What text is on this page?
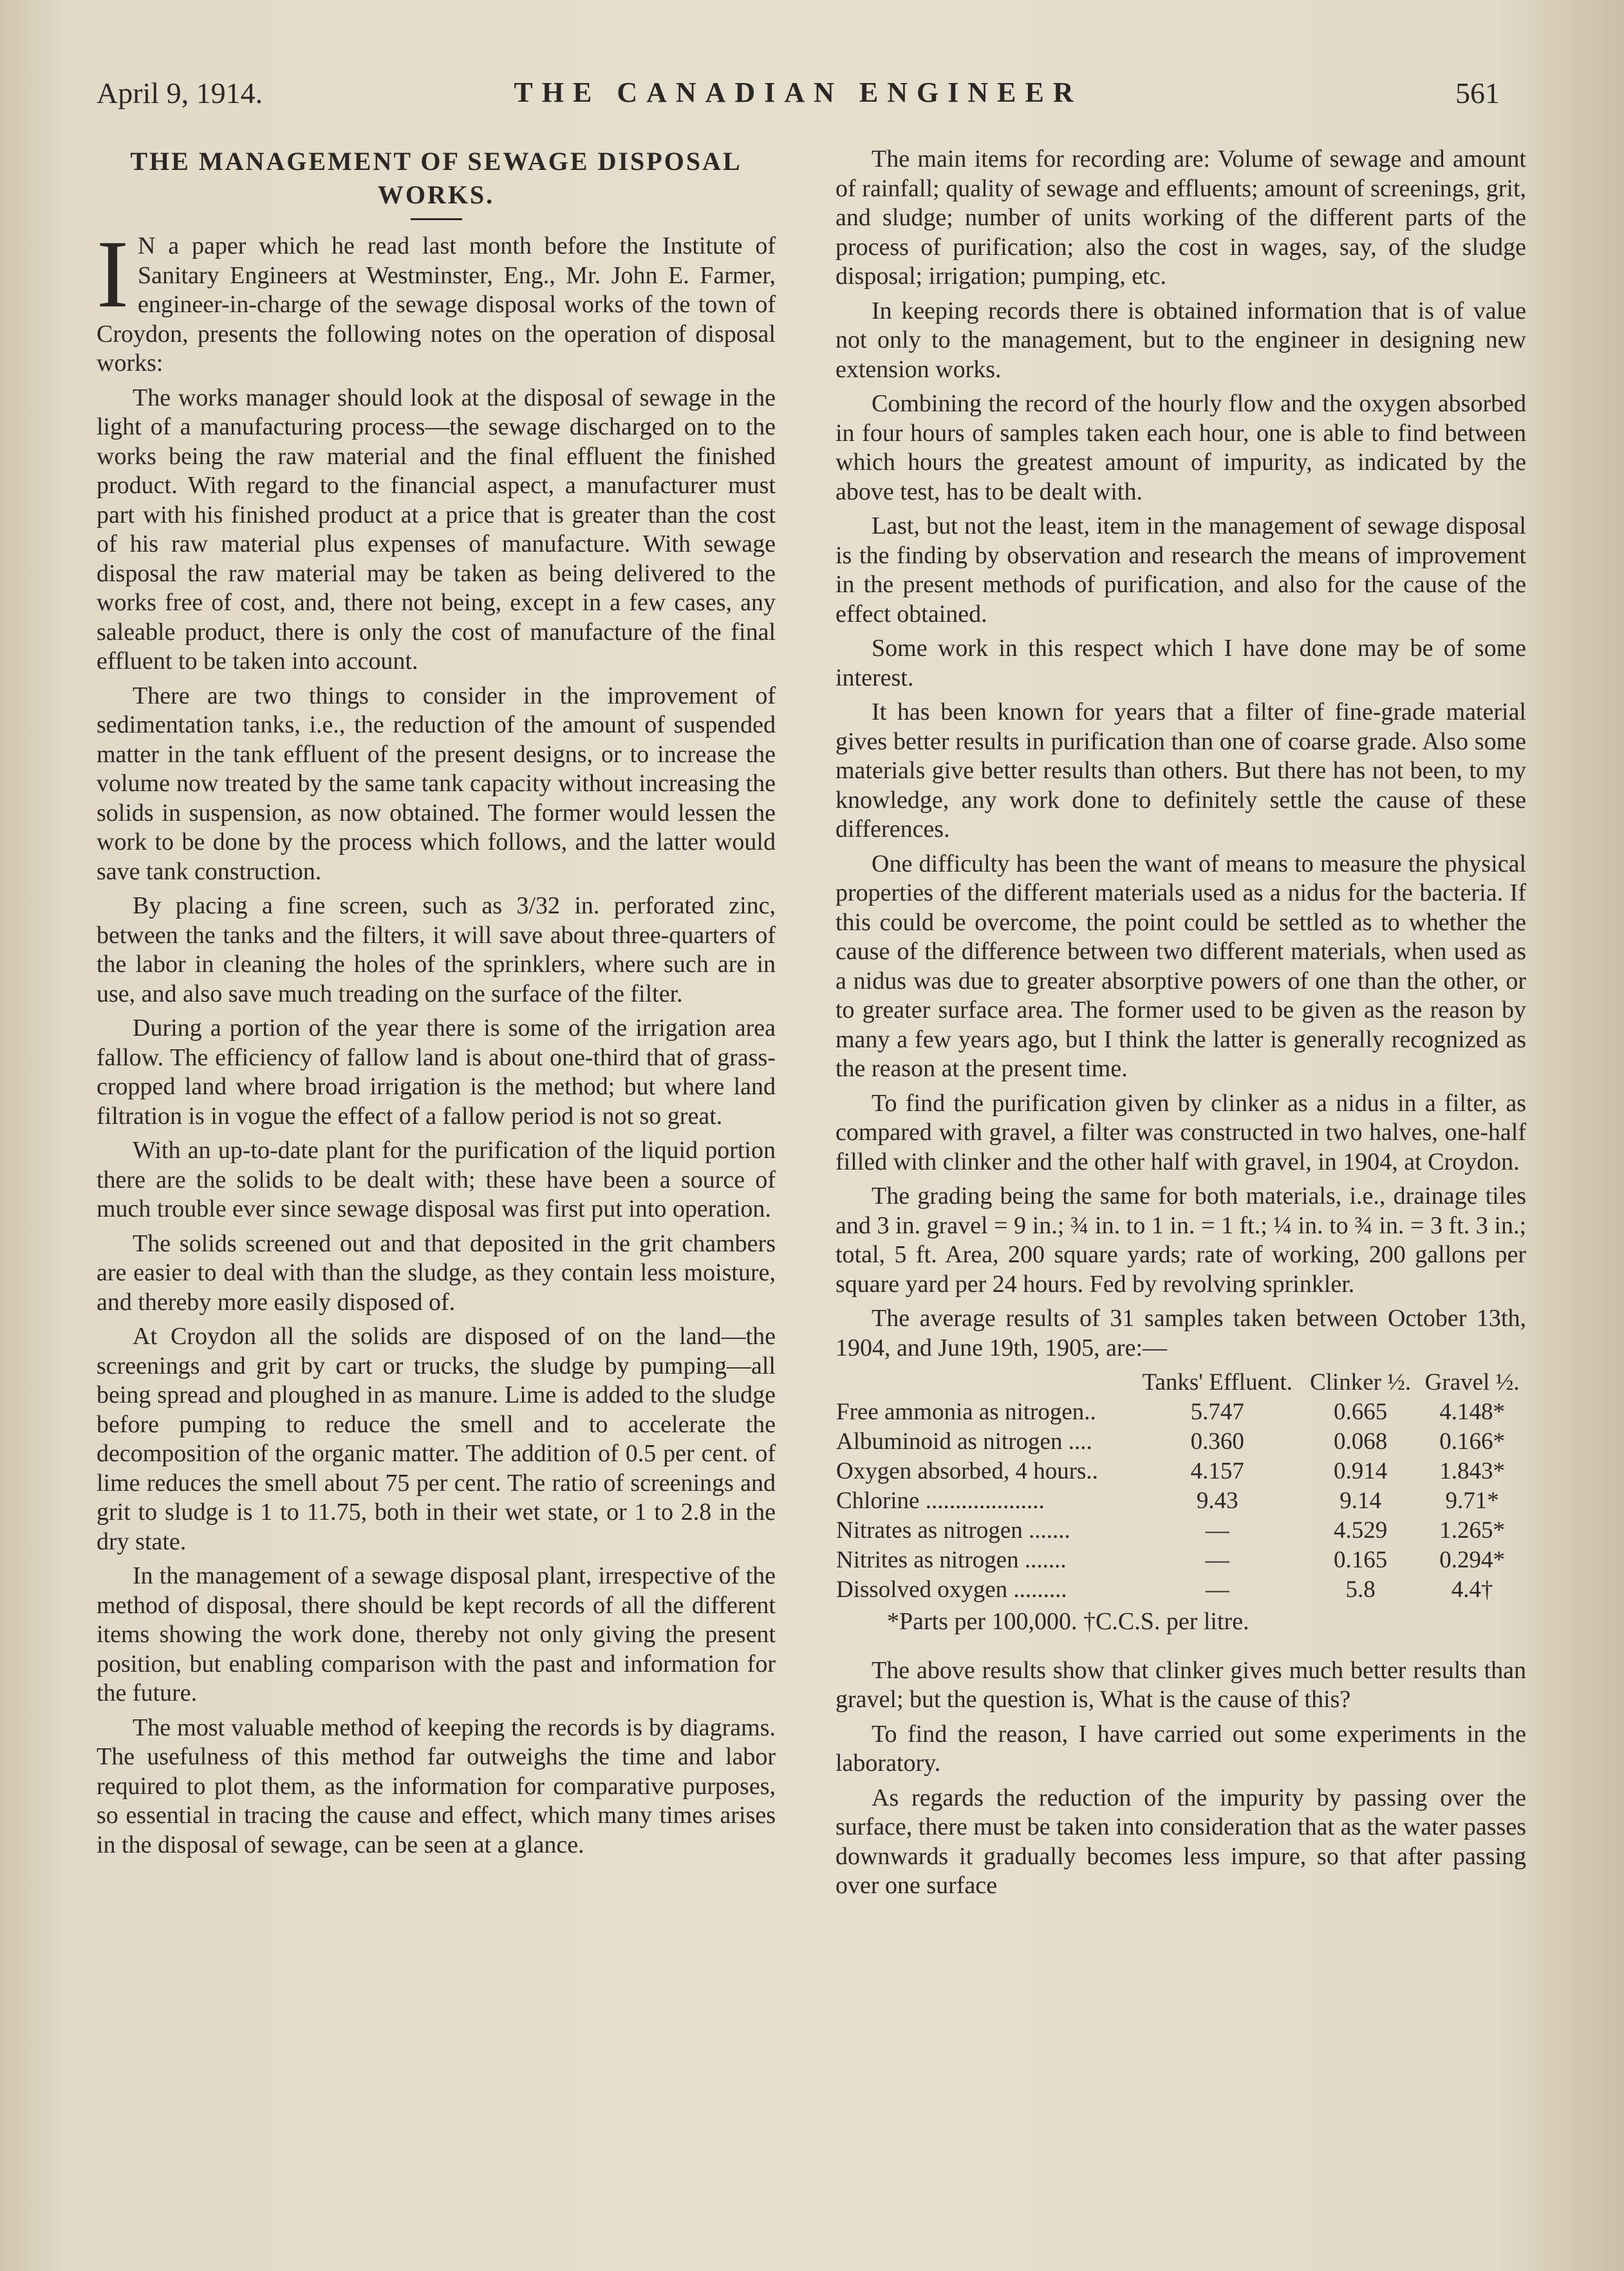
April 9, 1914.	THE CANADIAN ENGINEER	561
THE MANAGEMENT OF SEWAGE DISPOSAL WORKS.

I N a paper which he read last month before the Institute of Sanitary Engineers at Westminster, Eng., Mr. John E. Farmer, engineer-in-charge of the sewage disposal works of the town of Croydon, presents the following notes on the operation of disposal works:

The works manager should look at the disposal of sewage in the light of a manufacturing process—the sewage discharged on to the works being the raw material and the final effluent the finished product. With regard to the financial aspect, a manufacturer must part with his finished product at a price that is greater than the cost of his raw material plus expenses of manufacture. With sewage disposal the raw material may be taken as being delivered to the works free of cost, and, there not being, except in a few cases, any saleable product, there is only the cost of manufacture of the final effluent to be taken into account.

There are two things to consider in the improvement of sedimentation tanks, i.e., the reduction of the amount of suspended matter in the tank effluent of the present designs, or to increase the volume now treated by the same tank capacity without increasing the solids in suspension, as now obtained. The former would lessen the work to be done by the process which follows, and the latter would save tank construction.

By placing a fine screen, such as 3/32 in. perforated zinc, between the tanks and the filters, it will save about three-quarters of the labor in cleaning the holes of the sprinklers, where such are in use, and also save much treading on the surface of the filter.

During a portion of the year there is some of the irrigation area fallow. The efficiency of fallow land is about one-third that of grass-cropped land where broad irrigation is the method; but where land filtration is in vogue the effect of a fallow period is not so great.

With an up-to-date plant for the purification of the liquid portion there are the solids to be dealt with; these have been a source of much trouble ever since sewage disposal was first put into operation.

The solids screened out and that deposited in the grit chambers are easier to deal with than the sludge, as they contain less moisture, and thereby more easily disposed of.

At Croydon all the solids are disposed of on the land—the screenings and grit by cart or trucks, the sludge by pumping—all being spread and ploughed in as manure. Lime is added to the sludge before pumping to reduce the smell and to accelerate the decomposition of the organic matter. The addition of 0.5 per cent. of lime reduces the smell about 75 per cent. The ratio of screenings and grit to sludge is 1 to 11.75, both in their wet state, or 1 to 2.8 in the dry state.

In the management of a sewage disposal plant, irrespective of the method of disposal, there should be kept records of all the different items showing the work done, thereby not only giving the present position, but enabling comparison with the past and information for the future.

The most valuable method of keeping the records is by diagrams. The usefulness of this method far outweighs the time and labor required to plot them, as the information for comparative purposes, so essential in tracing the cause and effect, which many times arises in the disposal of sewage, can be seen at a glance.

The main items for recording are: Volume of sewage and amount of rainfall; quality of sewage and effluents; amount of screenings, grit, and sludge; number of units working of the different parts of the process of purification; also the cost in wages, say, of the sludge disposal; irrigation; pumping, etc.

In keeping records there is obtained information that is of value not only to the management, but to the engineer in designing new extension works.

Combining the record of the hourly flow and the oxygen absorbed in four hours of samples taken each hour, one is able to find between which hours the greatest amount of impurity, as indicated by the above test, has to be dealt with.

Last, but not the least, item in the management of sewage disposal is the finding by observation and research the means of improvement in the present methods of purification, and also for the cause of the effect obtained.

Some work in this respect which I have done may be of some interest.

It has been known for years that a filter of fine-grade material gives better results in purification than one of coarse grade. Also some materials give better results than others. But there has not been, to my knowledge, any work done to definitely settle the cause of these differences.

One difficulty has been the want of means to measure the physical properties of the different materials used as a nidus for the bacteria. If this could be overcome, the point could be settled as to whether the cause of the difference between two different materials, when used as a nidus was due to greater absorptive powers of one than the other, or to greater surface area. The former used to be given as the reason by many a few years ago, but I think the latter is generally recognized as the reason at the present time.

To find the purification given by clinker as a nidus in a filter, as compared with gravel, a filter was constructed in two halves, one-half filled with clinker and the other half with gravel, in 1904, at Croydon.

The grading being the same for both materials, i.e., drainage tiles and 3 in. gravel = 9 in.; ¾ in. to 1 in. = 1 ft.; ¼ in. to ¾ in. = 3 ft. 3 in.; total, 5 ft. Area, 200 square yards; rate of working, 200 gallons per square yard per 24 hours. Fed by revolving sprinkler.

The average results of 31 samples taken between October 13th, 1904, and June 19th, 1905, are:—

	Tanks' Effluent.	Clinker ½.	Gravel ½.
Free ammonia as nitrogen..	5.747	0.665	4.148*
Albuminoid as nitrogen ....	0.360	0.068	0.166*
Oxygen absorbed, 4 hours..	4.157	0.914	1.843*
Chlorine ....................	9.43	9.14	9.71*
Nitrates as nitrogen .......	—	4.529	1.265*
Nitrites as nitrogen .......	—	0.165	0.294*
Dissolved oxygen .........	—	5.8	4.4†

*Parts per 100,000. †C.C.S. per litre.

The above results show that clinker gives much better results than gravel; but the question is, What is the cause of this?

To find the reason, I have carried out some experiments in the laboratory.

As regards the reduction of the impurity by passing over the surface, there must be taken into consideration that as the water passes downwards it gradually becomes less impure, so that after passing over one surface
